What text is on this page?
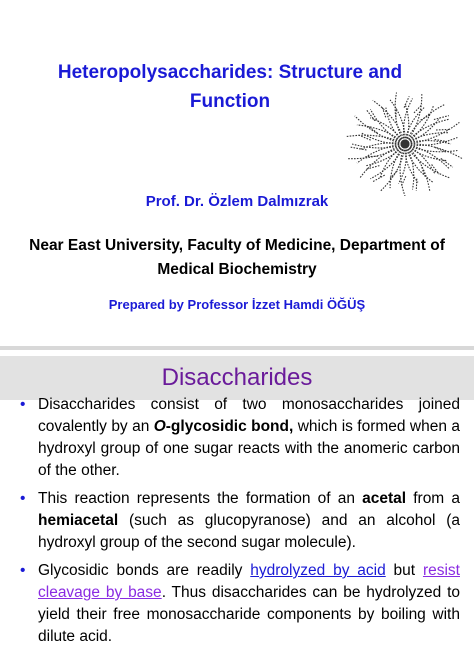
Heteropolysaccharides: Structure and
Function
Prof. Dr. Özlem Dalmızrak
Near East University, Faculty of Medicine, Department of
Medical Biochemistry
Prepared by Professor İzzet Hamdi ÖĞÜŞ
Disaccharides
• Disaccharides consist of two monosaccharides joined covalently by an O-glycosidic bond, which is formed when a hydroxyl group of one sugar reacts with the anomeric carbon of the other.
• This reaction represents the formation of an acetal from a hemiacetal (such as glucopyranose) and an alcohol (a hydroxyl group of the second sugar molecule).
• Glycosidic bonds are readily hydrolyzed by acid but resist cleavage by base. Thus disaccharides can be hydrolyzed to yield their free monosaccharide components by boiling with dilute acid.
